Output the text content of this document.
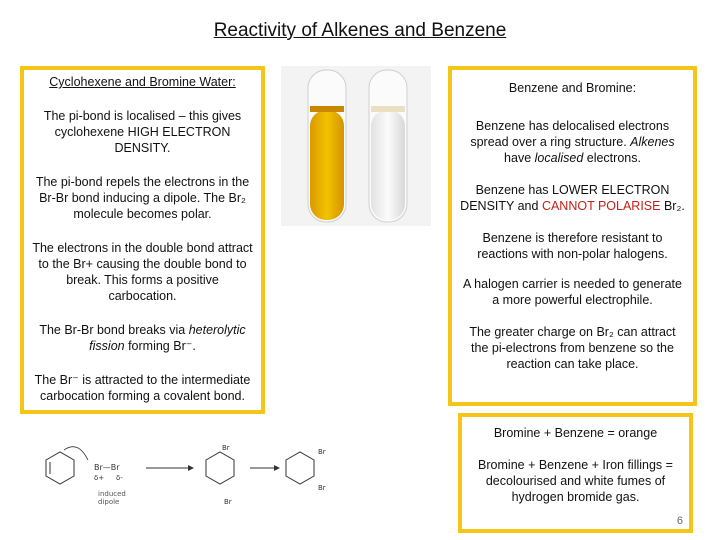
Reactivity of Alkenes and Benzene

Cyclohexene and Bromine Water:

The pi-bond is localised – this gives cyclohexene HIGH ELECTRON DENSITY.

The pi-bond repels the electrons in the Br-Br bond inducing a dipole. The Br₂ molecule becomes polar.

The electrons in the double bond attract to the Br+ causing the double bond to break. This forms a positive carbocation.

The Br-Br bond breaks via heterolytic fission forming Br⁻.

The Br⁻ is attracted to the intermediate carbocation forming a covalent bond.

Benzene and Bromine:

Benzene has delocalised electrons spread over a ring structure. Alkenes have localised electrons.

Benzene has LOWER ELECTRON DENSITY and CANNOT POLARISE Br₂.

Benzene is therefore resistant to reactions with non-polar halogens.

A halogen carrier is needed to generate a more powerful electrophile.

The greater charge on Br₂ can attract the pi-electrons from benzene so the reaction can take place.

Bromine + Benzene = orange

Bromine + Benzene + Iron fillings = decolourised and white fumes of hydrogen bromide gas.

6
Br—Br
δ+ δ-
induced
dipole
Br
Br
Br
Br
